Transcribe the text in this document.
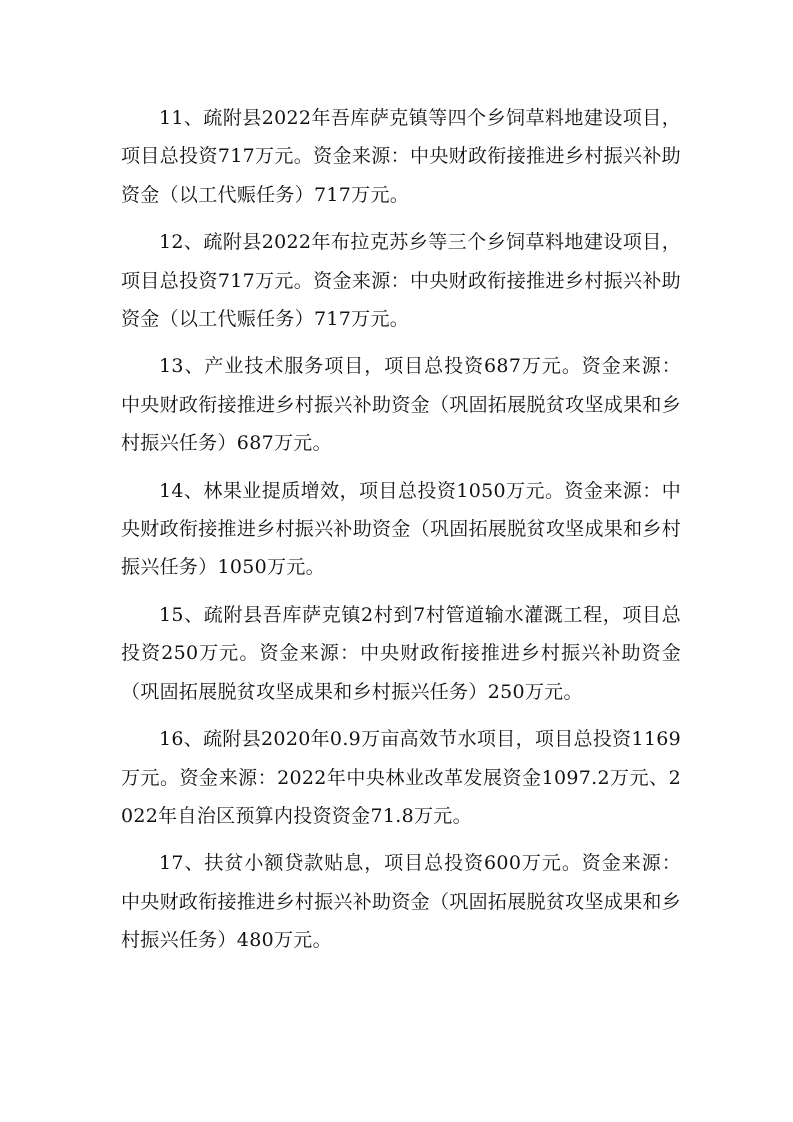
11、疏附县2022年吾库萨克镇等四个乡饲草料地建设项目，项目总投资717万元。资金来源：中央财政衔接推进乡村振兴补助资金（以工代赈任务）717万元。

12、疏附县2022年布拉克苏乡等三个乡饲草料地建设项目，项目总投资717万元。资金来源：中央财政衔接推进乡村振兴补助资金（以工代赈任务）717万元。

13、产业技术服务项目，项目总投资687万元。资金来源：中央财政衔接推进乡村振兴补助资金（巩固拓展脱贫攻坚成果和乡村振兴任务）687万元。

14、林果业提质增效，项目总投资1050万元。资金来源：中央财政衔接推进乡村振兴补助资金（巩固拓展脱贫攻坚成果和乡村振兴任务）1050万元。

15、疏附县吾库萨克镇2村到7村管道输水灌溉工程，项目总投资250万元。资金来源：中央财政衔接推进乡村振兴补助资金（巩固拓展脱贫攻坚成果和乡村振兴任务）250万元。

16、疏附县2020年0.9万亩高效节水项目，项目总投资1169万元。资金来源：2022年中央林业改革发展资金1097.2万元、2022年自治区预算内投资资金71.8万元。

17、扶贫小额贷款贴息，项目总投资600万元。资金来源：中央财政衔接推进乡村振兴补助资金（巩固拓展脱贫攻坚成果和乡村振兴任务）480万元。
